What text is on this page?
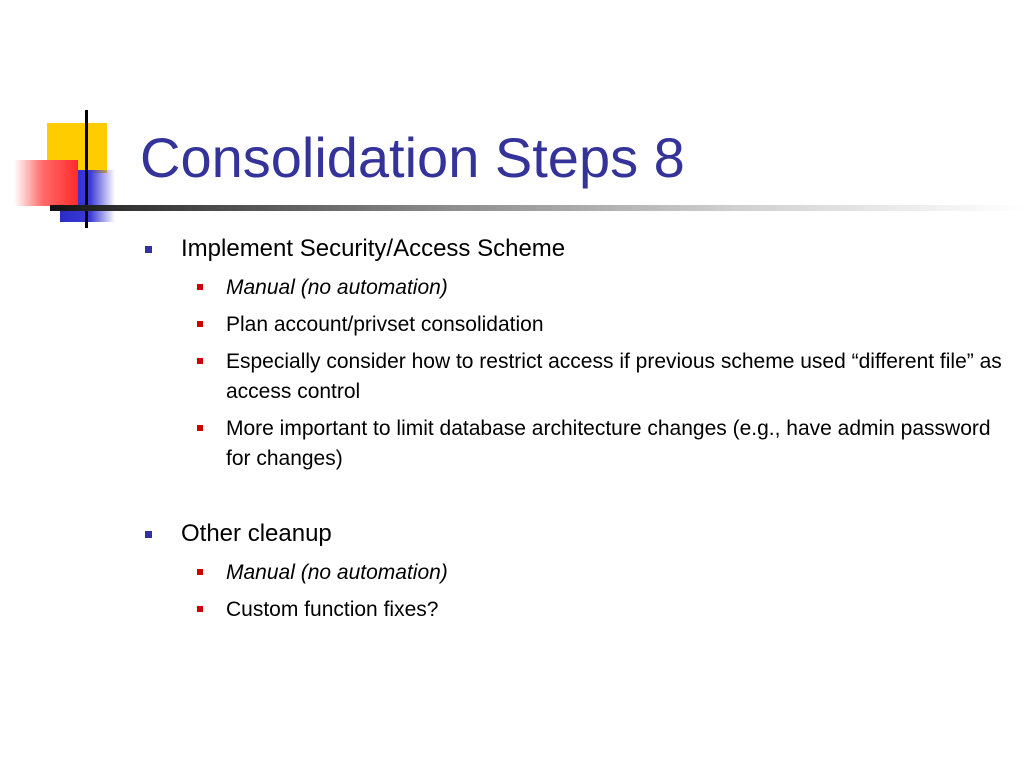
Consolidation Steps 8
Implement Security/Access Scheme
Manual (no automation)
Plan account/privset consolidation
Especially consider how to restrict access if previous scheme used “different file” as access control
More important to limit database architecture changes (e.g., have admin password for changes)
Other cleanup
Manual (no automation)
Custom function fixes?
